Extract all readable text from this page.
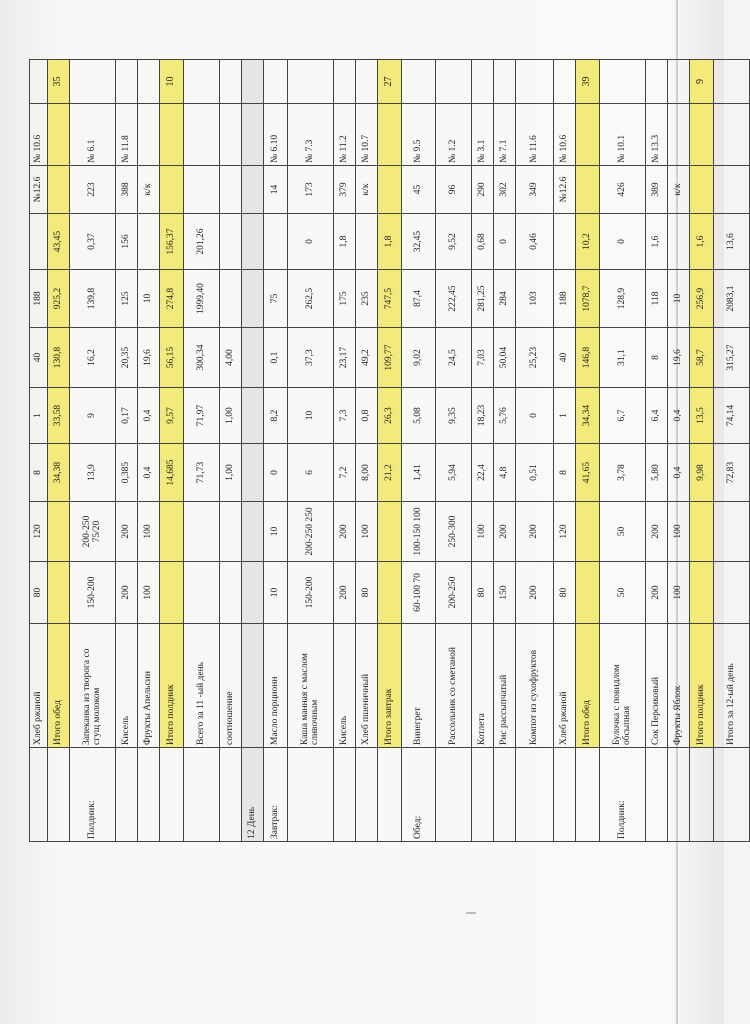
	Хлеб ржаной	80	120	8	1	40	188		№12.6	№ 10.6	
	Итого обед			34,38	33,58	130,8	925,2	43,45			35
Полдник:	Запеканка из творога со сгущ молоком	150-200	200-250 75/20	13,9	9	16,2	139,8	0,37	223	№ 6.1	
	Кисель	200	200	0,385	0,17	20,35	125	156	388	№ 11.8	
	Фрукты Апельсин	100	100	0,4	0,4	19,6	10		к/к		
	Итого полдник			14,685	9,57	56,15	274,8	156,37			10
	Всего за 11 -ый день			71,73	71,97	300,34	1999,40	201,26			
	соотношение			1,00	1,00	4,00					
12 День											
Завтрак:	Масло порционн	10	10	0	8,2	0,1	75		14	№ 6.10	
	Каша манная с маслом сливочным	150-200	200-250 250	6	10	37,3	262,5	0	173	№ 7.3	
	Кисель	200	200	7,2	7,3	23,17	175	1,8	379	№ 11.2	
	Хлеб пшеничный	80	100	8,00	0,8	49,2	235		к/к	№ 10.7	
	Итого завтрак			21,2	26,3	109,77	747,5	1,8			27
Обед:	Винегрет	60-100 70	100-150 100	1,41	5,08	9,02	87,4	32,45	45	№ 9.5	
	Рассольник со сметаной	200-250	250-300	5,94	9,35	24,5	222,45	9,52	96	№ 1.2	
	Котлета	80	100	22,4	18,23	7,03	281,25	0,68	290	№ 3.1	
	Рис рассыпчатый	150	200	4,8	5,76	50,04	284	0	302	№ 7.1	
	Компот из сухофруктов	200	200	0,51	0	25,23	103	0,46	349	№ 11.6	
	Хлеб ржаной	80	120	8	1	40	188		№12.6	№ 10.6	
	Итого обед			41,65	34,34	146,8	1078,7	10,2			39
Полдник:	Булочка с повидлом обсыпная	50	50	3,78	6,7	31,1	128,9	0	426	№ 10.1	
	Сок Персиковый	200	200	5,80	6,4	8	118	1,6	389	№ 13.3	
	Фрукты Яблок	100	100	0,4	0,4	19,6	10		к/к		
	Итого полдник			9,98	13,5	58,7	256,9	1,6			9
	Итого за 12-ый день			72,83	74,14	315,27	2083,1	13,6			
